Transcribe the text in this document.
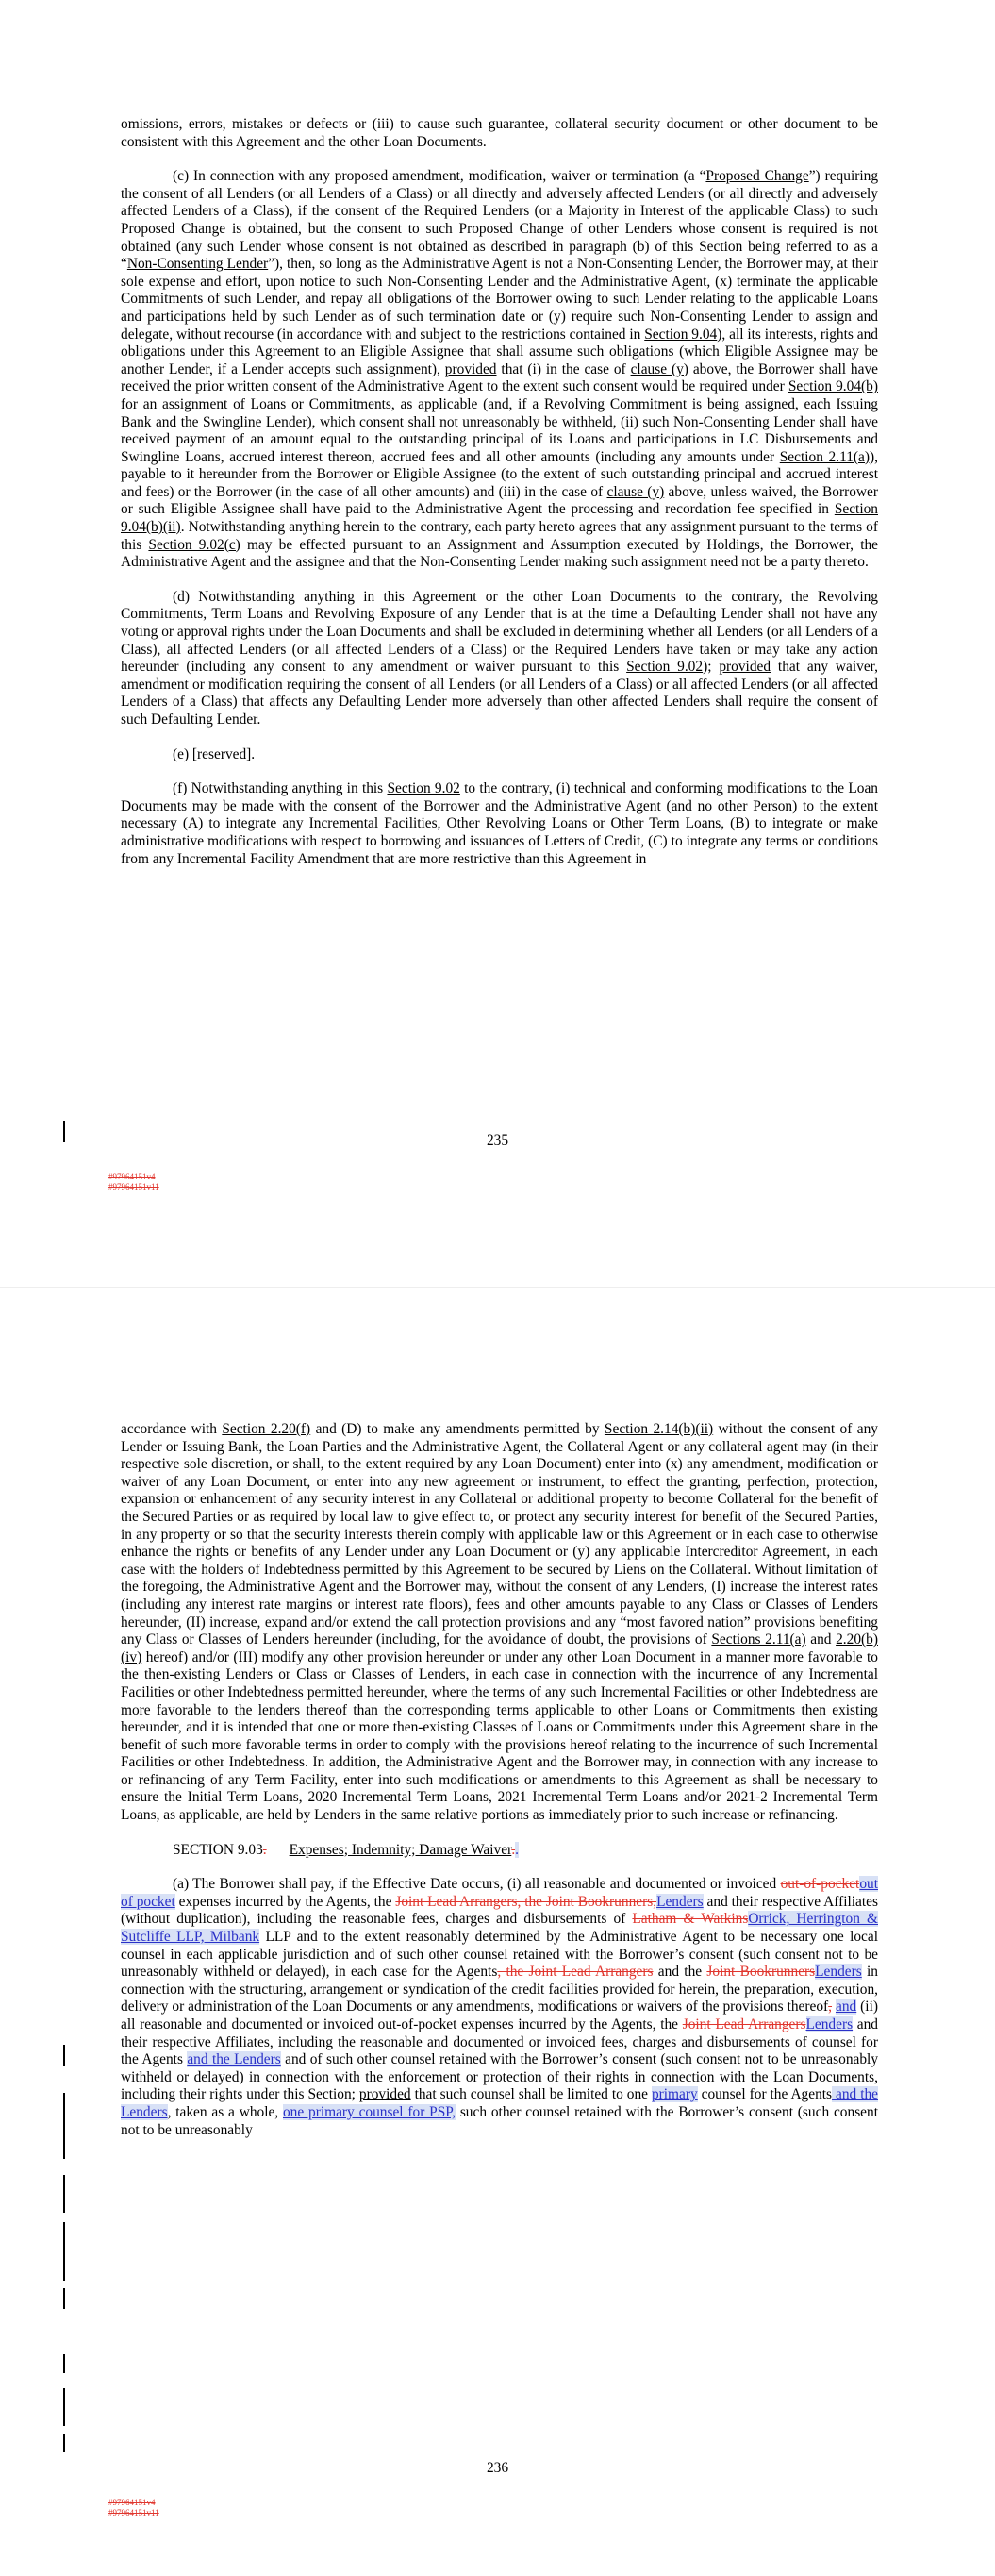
omissions, errors, mistakes or defects or (iii) to cause such guarantee, collateral security document or other document to be consistent with this Agreement and the other Loan Documents.

(c) In connection with any proposed amendment, modification, waiver or termination (a “Proposed Change”) requiring the consent of all Lenders (or all Lenders of a Class) or all directly and adversely affected Lenders (or all directly and adversely affected Lenders of a Class), if the consent of the Required Lenders (or a Majority in Interest of the applicable Class) to such Proposed Change is obtained, but the consent to such Proposed Change of other Lenders whose consent is required is not obtained (any such Lender whose consent is not obtained as described in paragraph (b) of this Section being referred to as a “Non-Consenting Lender”), then, so long as the Administrative Agent is not a Non-Consenting Lender, the Borrower may, at their sole expense and effort, upon notice to such Non-Consenting Lender and the Administrative Agent, (x) terminate the applicable Commitments of such Lender, and repay all obligations of the Borrower owing to such Lender relating to the applicable Loans and participations held by such Lender as of such termination date or (y) require such Non-Consenting Lender to assign and delegate, without recourse (in accordance with and subject to the restrictions contained in Section 9.04), all its interests, rights and obligations under this Agreement to an Eligible Assignee that shall assume such obligations (which Eligible Assignee may be another Lender, if a Lender accepts such assignment), provided that (i) in the case of clause (y) above, the Borrower shall have received the prior written consent of the Administrative Agent to the extent such consent would be required under Section 9.04(b) for an assignment of Loans or Commitments, as applicable (and, if a Revolving Commitment is being assigned, each Issuing Bank and the Swingline Lender), which consent shall not unreasonably be withheld, (ii) such Non-Consenting Lender shall have received payment of an amount equal to the outstanding principal of its Loans and participations in LC Disbursements and Swingline Loans, accrued interest thereon, accrued fees and all other amounts (including any amounts under Section 2.11(a)), payable to it hereunder from the Borrower or Eligible Assignee (to the extent of such outstanding principal and accrued interest and fees) or the Borrower (in the case of all other amounts) and (iii) in the case of clause (y) above, unless waived, the Borrower or such Eligible Assignee shall have paid to the Administrative Agent the processing and recordation fee specified in Section 9.04(b)(ii). Notwithstanding anything herein to the contrary, each party hereto agrees that any assignment pursuant to the terms of this Section 9.02(c) may be effected pursuant to an Assignment and Assumption executed by Holdings, the Borrower, the Administrative Agent and the assignee and that the Non-Consenting Lender making such assignment need not be a party thereto.

(d) Notwithstanding anything in this Agreement or the other Loan Documents to the contrary, the Revolving Commitments, Term Loans and Revolving Exposure of any Lender that is at the time a Defaulting Lender shall not have any voting or approval rights under the Loan Documents and shall be excluded in determining whether all Lenders (or all Lenders of a Class), all affected Lenders (or all affected Lenders of a Class) or the Required Lenders have taken or may take any action hereunder (including any consent to any amendment or waiver pursuant to this Section 9.02); provided that any waiver, amendment or modification requiring the consent of all Lenders (or all Lenders of a Class) or all affected Lenders (or all affected Lenders of a Class) that affects any Defaulting Lender more adversely than other affected Lenders shall require the consent of such Defaulting Lender.

(e) [reserved].

(f) Notwithstanding anything in this Section 9.02 to the contrary, (i) technical and conforming modifications to the Loan Documents may be made with the consent of the Borrower and the Administrative Agent (and no other Person) to the extent necessary (A) to integrate any Incremental Facilities, Other Revolving Loans or Other Term Loans, (B) to integrate or make administrative modifications with respect to borrowing and issuances of Letters of Credit, (C) to integrate any terms or conditions from any Incremental Facility Amendment that are more restrictive than this Agreement in

235
#97964151v4
#97964151v11

accordance with Section 2.20(f) and (D) to make any amendments permitted by Section 2.14(b)(ii) without the consent of any Lender or Issuing Bank, the Loan Parties and the Administrative Agent, the Collateral Agent or any collateral agent may (in their respective sole discretion, or shall, to the extent required by any Loan Document) enter into (x) any amendment, modification or waiver of any Loan Document, or enter into any new agreement or instrument, to effect the granting, perfection, protection, expansion or enhancement of any security interest in any Collateral or additional property to become Collateral for the benefit of the Secured Parties or as required by local law to give effect to, or protect any security interest for benefit of the Secured Parties, in any property or so that the security interests therein comply with applicable law or this Agreement or in each case to otherwise enhance the rights or benefits of any Lender under any Loan Document or (y) any applicable Intercreditor Agreement, in each case with the holders of Indebtedness permitted by this Agreement to be secured by Liens on the Collateral. Without limitation of the foregoing, the Administrative Agent and the Borrower may, without the consent of any Lenders, (I) increase the interest rates (including any interest rate margins or interest rate floors), fees and other amounts payable to any Class or Classes of Lenders hereunder, (II) increase, expand and/or extend the call protection provisions and any “most favored nation” provisions benefiting any Class or Classes of Lenders hereunder (including, for the avoidance of doubt, the provisions of Sections 2.11(a) and 2.20(b)(iv) hereof) and/or (III) modify any other provision hereunder or under any other Loan Document in a manner more favorable to the then-existing Lenders or Class or Classes of Lenders, in each case in connection with the incurrence of any Incremental Facilities or other Indebtedness permitted hereunder, where the terms of any such Incremental Facilities or other Indebtedness are more favorable to the lenders thereof than the corresponding terms applicable to other Loans or Commitments then existing hereunder, and it is intended that one or more then-existing Classes of Loans or Commitments under this Agreement share in the benefit of such more favorable terms in order to comply with the provisions hereof relating to the incurrence of such Incremental Facilities or other Indebtedness. In addition, the Administrative Agent and the Borrower may, in connection with any increase to or refinancing of any Term Facility, enter into such modifications or amendments to this Agreement as shall be necessary to ensure the Initial Term Loans, 2020 Incremental Term Loans, 2021 Incremental Term Loans and/or 2021-2 Incremental Term Loans, as applicable, are held by Lenders in the same relative portions as immediately prior to such increase or refinancing.

SECTION 9.03. Expenses; Indemnity; Damage Waiver..

(a) The Borrower shall pay, if the Effective Date occurs, (i) all reasonable and documented or invoiced out-of-pocketout of pocket expenses incurred by the Agents, the Joint Lead Arrangers, the Joint Bookrunners,Lenders and their respective Affiliates (without duplication), including the reasonable fees, charges and disbursements of Latham & WatkinsOrrick, Herrington & Sutcliffe LLP, Milbank LLP and to the extent reasonably determined by the Administrative Agent to be necessary one local counsel in each applicable jurisdiction and of such other counsel retained with the Borrower’s consent (such consent not to be unreasonably withheld or delayed), in each case for the Agents, the Joint Lead Arrangers and the Joint BookrunnersLenders in connection with the structuring, arrangement or syndication of the credit facilities provided for herein, the preparation, execution, delivery or administration of the Loan Documents or any amendments, modifications or waivers of the provisions thereof, and (ii) all reasonable and documented or invoiced out-of-pocket expenses incurred by the Agents, the Joint Lead ArrangersLenders and their respective Affiliates, including the reasonable and documented or invoiced fees, charges and disbursements of counsel for the Agents and the Lenders and of such other counsel retained with the Borrower’s consent (such consent not to be unreasonably withheld or delayed) in connection with the enforcement or protection of their rights in connection with the Loan Documents, including their rights under this Section; provided that such counsel shall be limited to one primary counsel for the Agents and the Lenders, taken as a whole, one primary counsel for PSP, such other counsel retained with the Borrower’s consent (such consent not to be unreasonably

236
#97964151v4
#97964151v11
